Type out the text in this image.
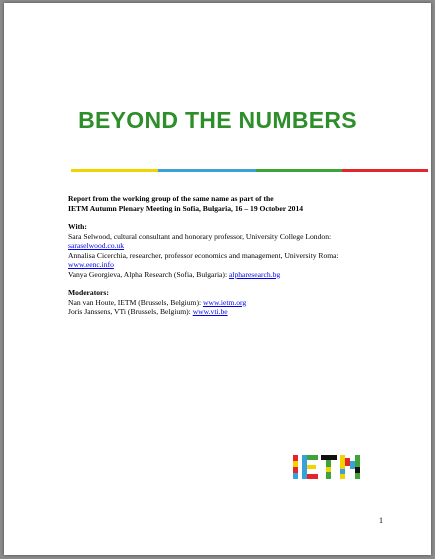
BEYOND THE NUMBERS
Report from the working group of the same name as part of the
IETM Autumn Plenary Meeting in Sofia, Bulgaria, 16 – 19 October 2014
With:
Sara Selwood, cultural consultant and honorary professor, University College London:
saraselwood.co.uk
Annalisa Cicerchia, researcher, professor economics and management, University Roma:
www.eenc.info
Vanya Georgieva, Alpha Research (Sofia, Bulgaria): alpharesearch.bg
Moderators:
Nan van Houte, IETM (Brussels, Belgium): www.ietm.org
Joris Janssens, VTi (Brussels, Belgium): www.vti.be
1
